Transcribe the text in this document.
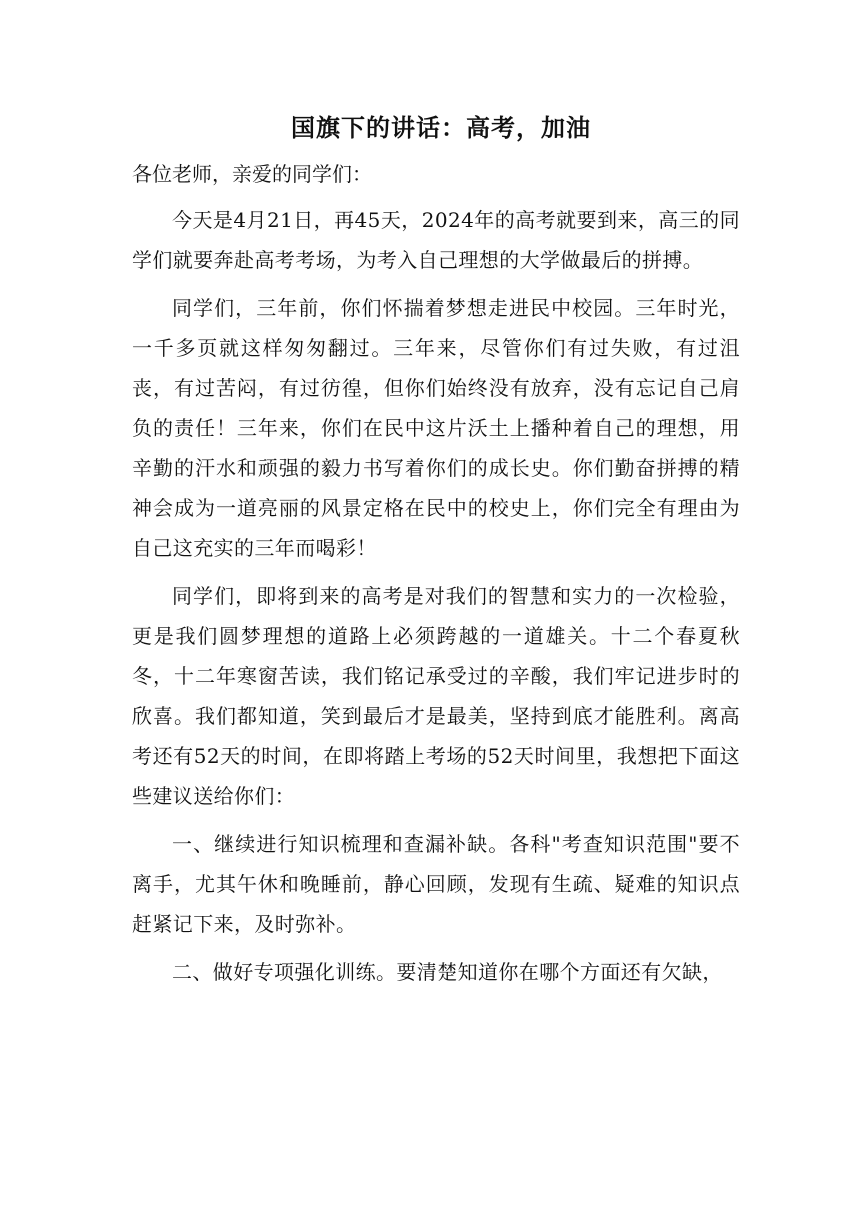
国旗下的讲话：高考，加油

各位老师，亲爱的同学们：

今天是4月21日，再45天，2024年的高考就要到来，高三的同学们就要奔赴高考考场，为考入自己理想的大学做最后的拼搏。

同学们，三年前，你们怀揣着梦想走进民中校园。三年时光，一千多页就这样匆匆翻过。三年来，尽管你们有过失败，有过沮丧，有过苦闷，有过彷徨，但你们始终没有放弃，没有忘记自己肩负的责任！三年来，你们在民中这片沃土上播种着自己的理想，用辛勤的汗水和顽强的毅力书写着你们的成长史。你们勤奋拼搏的精神会成为一道亮丽的风景定格在民中的校史上，你们完全有理由为自己这充实的三年而喝彩！

同学们，即将到来的高考是对我们的智慧和实力的一次检验，更是我们圆梦理想的道路上必须跨越的一道雄关。十二个春夏秋冬，十二年寒窗苦读，我们铭记承受过的辛酸，我们牢记进步时的欣喜。我们都知道，笑到最后才是最美，坚持到底才能胜利。离高考还有52天的时间，在即将踏上考场的52天时间里，我想把下面这些建议送给你们：

一、继续进行知识梳理和查漏补缺。各科"考查知识范围"要不离手，尤其午休和晚睡前，静心回顾，发现有生疏、疑难的知识点赶紧记下来，及时弥补。

二、做好专项强化训练。要清楚知道你在哪个方面还有欠缺，
